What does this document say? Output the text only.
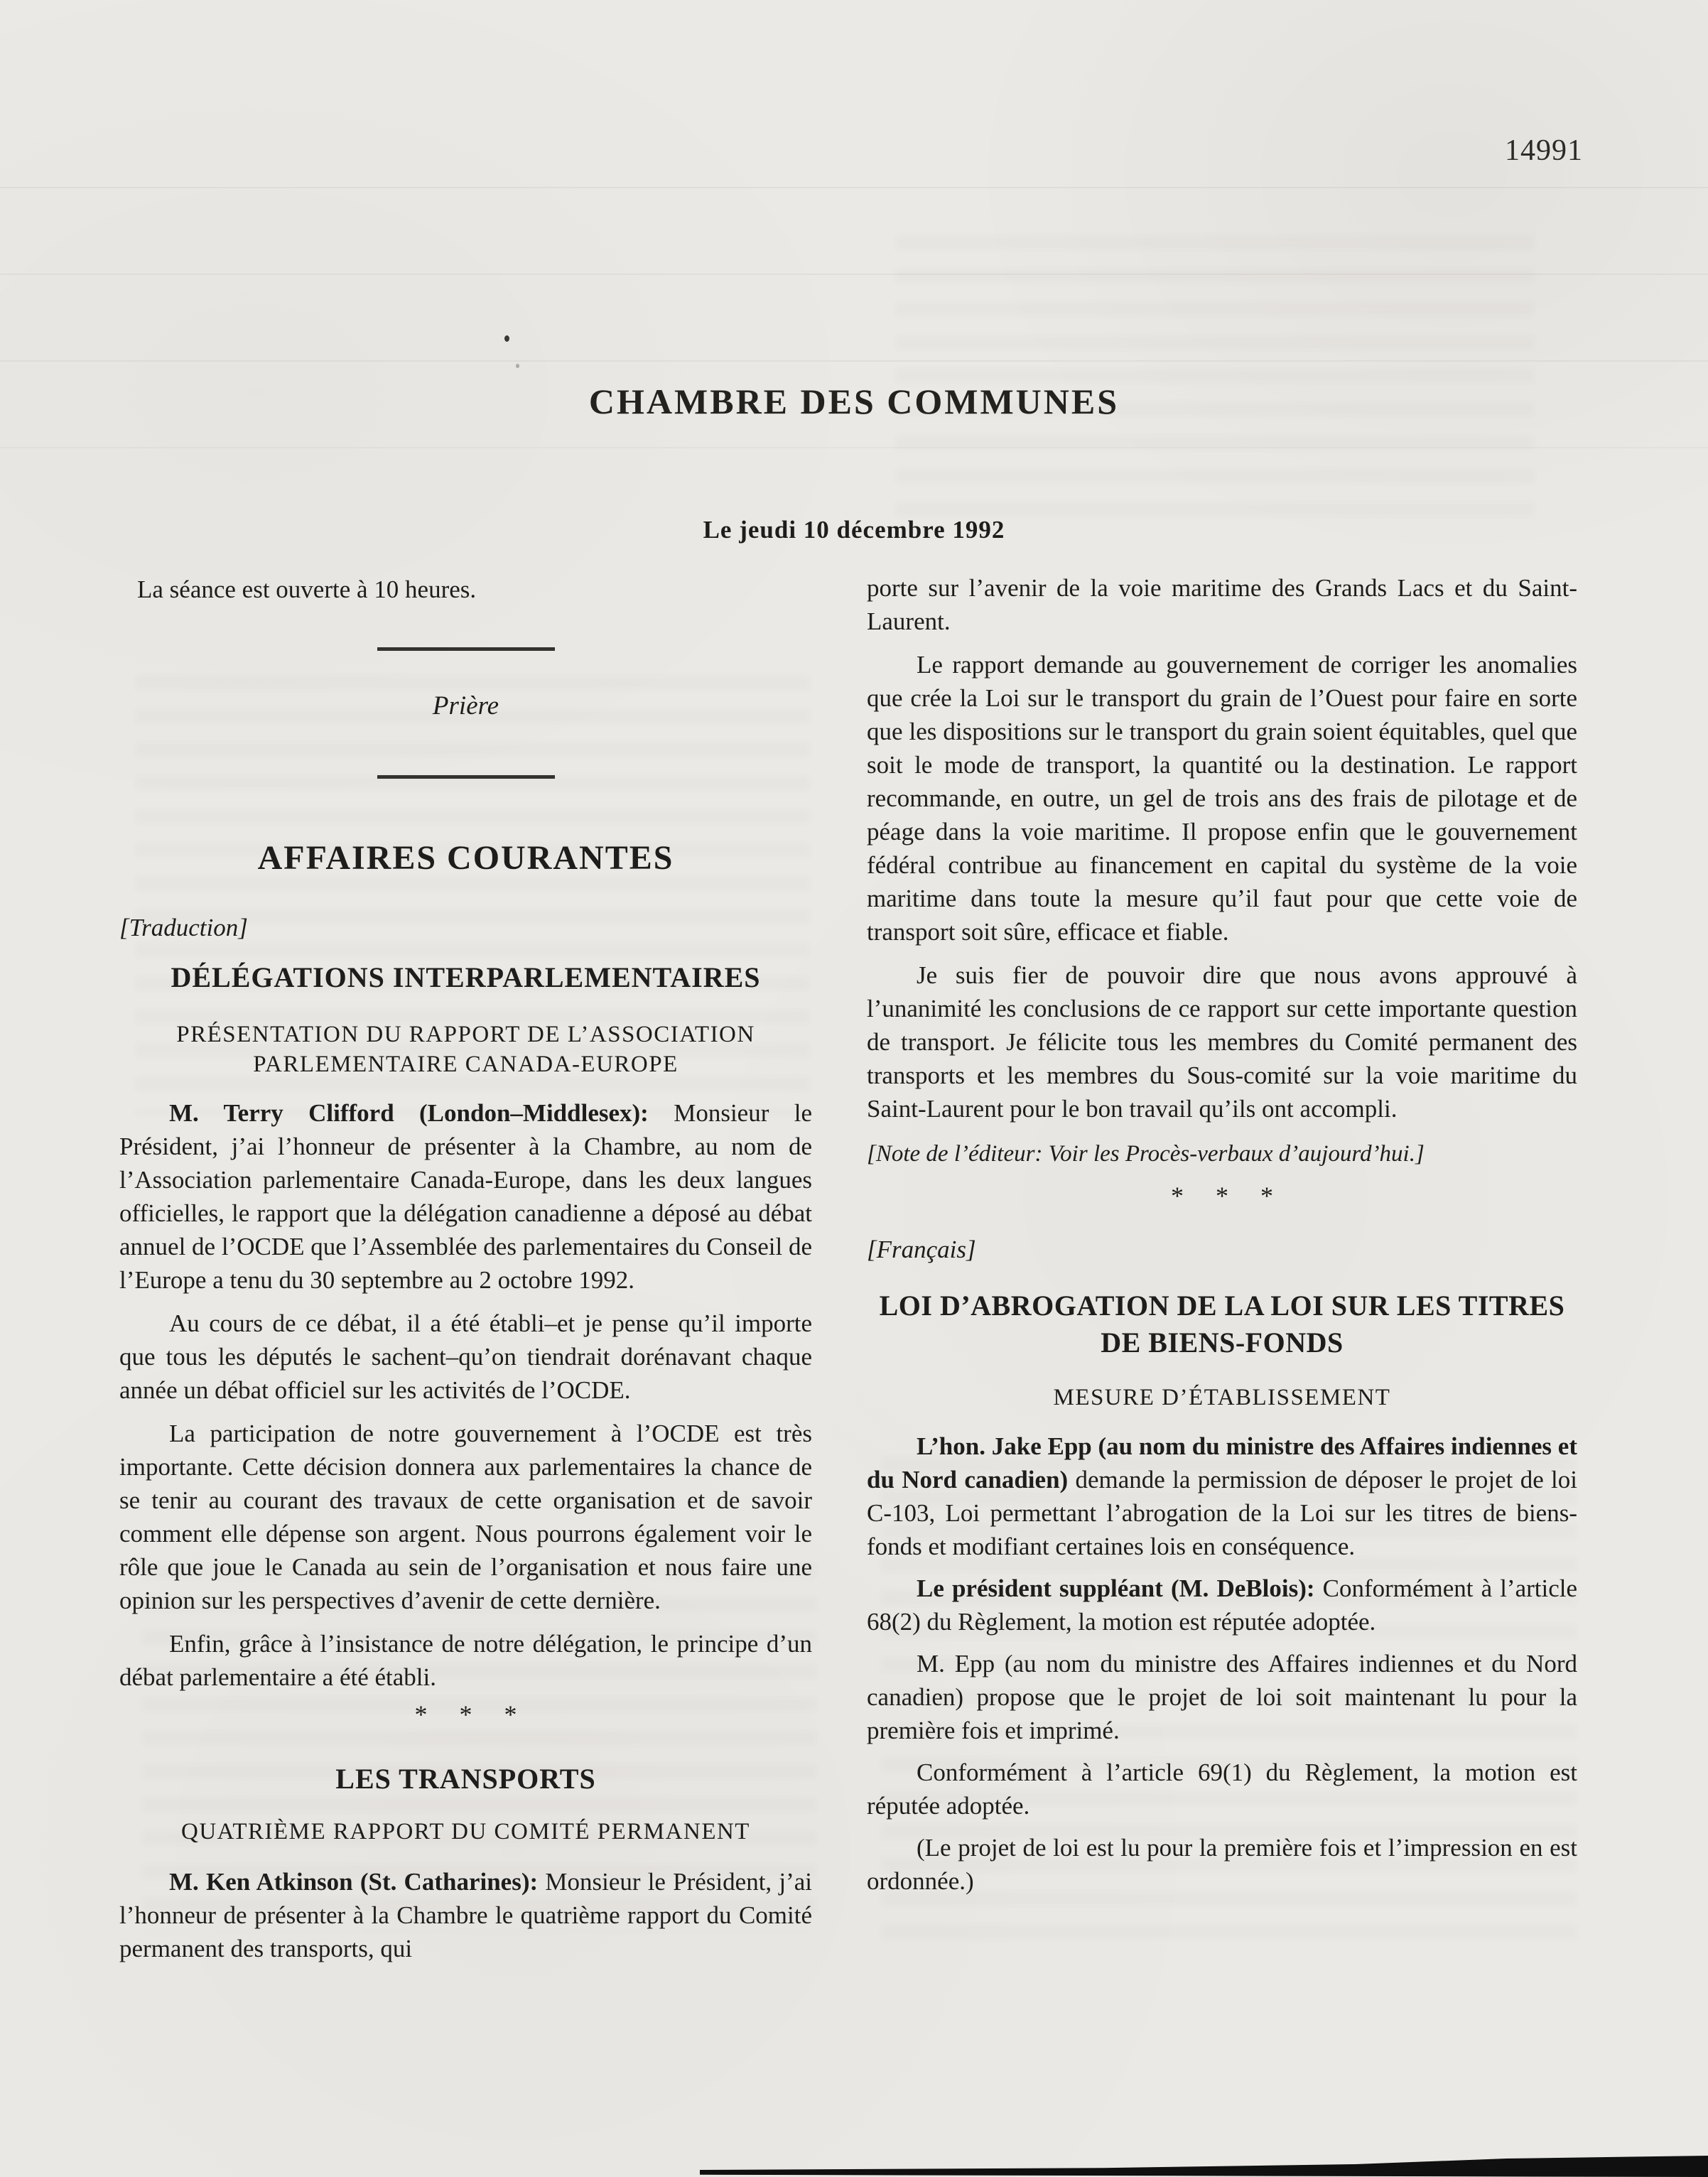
14991
CHAMBRE DES COMMUNES
Le jeudi 10 décembre 1992

La séance est ouverte à 10 heures.

Prière
AFFAIRES COURANTES
[Traduction]
DÉLÉGATIONS INTERPARLEMENTAIRES
PRÉSENTATION DU RAPPORT DE L’ASSOCIATION
PARLEMENTAIRE CANADA-EUROPE

M. Terry Clifford (London–Middlesex): Monsieur le Président, j’ai l’honneur de présenter à la Chambre, au nom de l’Association parlementaire Canada-Europe, dans les deux langues officielles, le rapport que la délégation canadienne a déposé au débat annuel de l’OCDE que l’Assemblée des parlementaires du Conseil de l’Europe a tenu du 30 septembre au 2 octobre 1992.

Au cours de ce débat, il a été établi–et je pense qu’il importe que tous les députés le sachent–qu’on tiendrait dorénavant chaque année un débat officiel sur les activités de l’OCDE.

La participation de notre gouvernement à l’OCDE est très importante. Cette décision donnera aux parlementaires la chance de se tenir au courant des travaux de cette organisation et de savoir comment elle dépense son argent. Nous pourrons également voir le rôle que joue le Canada au sein de l’organisation et nous faire une opinion sur les perspectives d’avenir de cette dernière.

Enfin, grâce à l’insistance de notre délégation, le principe d’un débat parlementaire a été établi.

* * *

LES TRANSPORTS
QUATRIÈME RAPPORT DU COMITÉ PERMANENT

M. Ken Atkinson (St. Catharines): Monsieur le Président, j’ai l’honneur de présenter à la Chambre le quatrième rapport du Comité permanent des transports, qui

porte sur l’avenir de la voie maritime des Grands Lacs et du Saint-Laurent.

Le rapport demande au gouvernement de corriger les anomalies que crée la Loi sur le transport du grain de l’Ouest pour faire en sorte que les dispositions sur le transport du grain soient équitables, quel que soit le mode de transport, la quantité ou la destination. Le rapport recommande, en outre, un gel de trois ans des frais de pilotage et de péage dans la voie maritime. Il propose enfin que le gouvernement fédéral contribue au financement en capital du système de la voie maritime dans toute la mesure qu’il faut pour que cette voie de transport soit sûre, efficace et fiable.

Je suis fier de pouvoir dire que nous avons approuvé à l’unanimité les conclusions de ce rapport sur cette importante question de transport. Je félicite tous les membres du Comité permanent des transports et les membres du Sous-comité sur la voie maritime du Saint-Laurent pour le bon travail qu’ils ont accompli.

[Note de l’éditeur: Voir les Procès-verbaux d’aujourd’hui.]

* * *

[Français]
LOI D’ABROGATION DE LA LOI SUR LES TITRES
DE BIENS-FONDS
MESURE D’ÉTABLISSEMENT

L’hon. Jake Epp (au nom du ministre des Affaires indiennes et du Nord canadien) demande la permission de déposer le projet de loi C-103, Loi permettant l’abrogation de la Loi sur les titres de biens-fonds et modifiant certaines lois en conséquence.

Le président suppléant (M. DeBlois): Conformément à l’article 68(2) du Règlement, la motion est réputée adoptée.

M. Epp (au nom du ministre des Affaires indiennes et du Nord canadien) propose que le projet de loi soit maintenant lu pour la première fois et imprimé.

Conformément à l’article 69(1) du Règlement, la motion est réputée adoptée.

(Le projet de loi est lu pour la première fois et l’impression en est ordonnée.)
